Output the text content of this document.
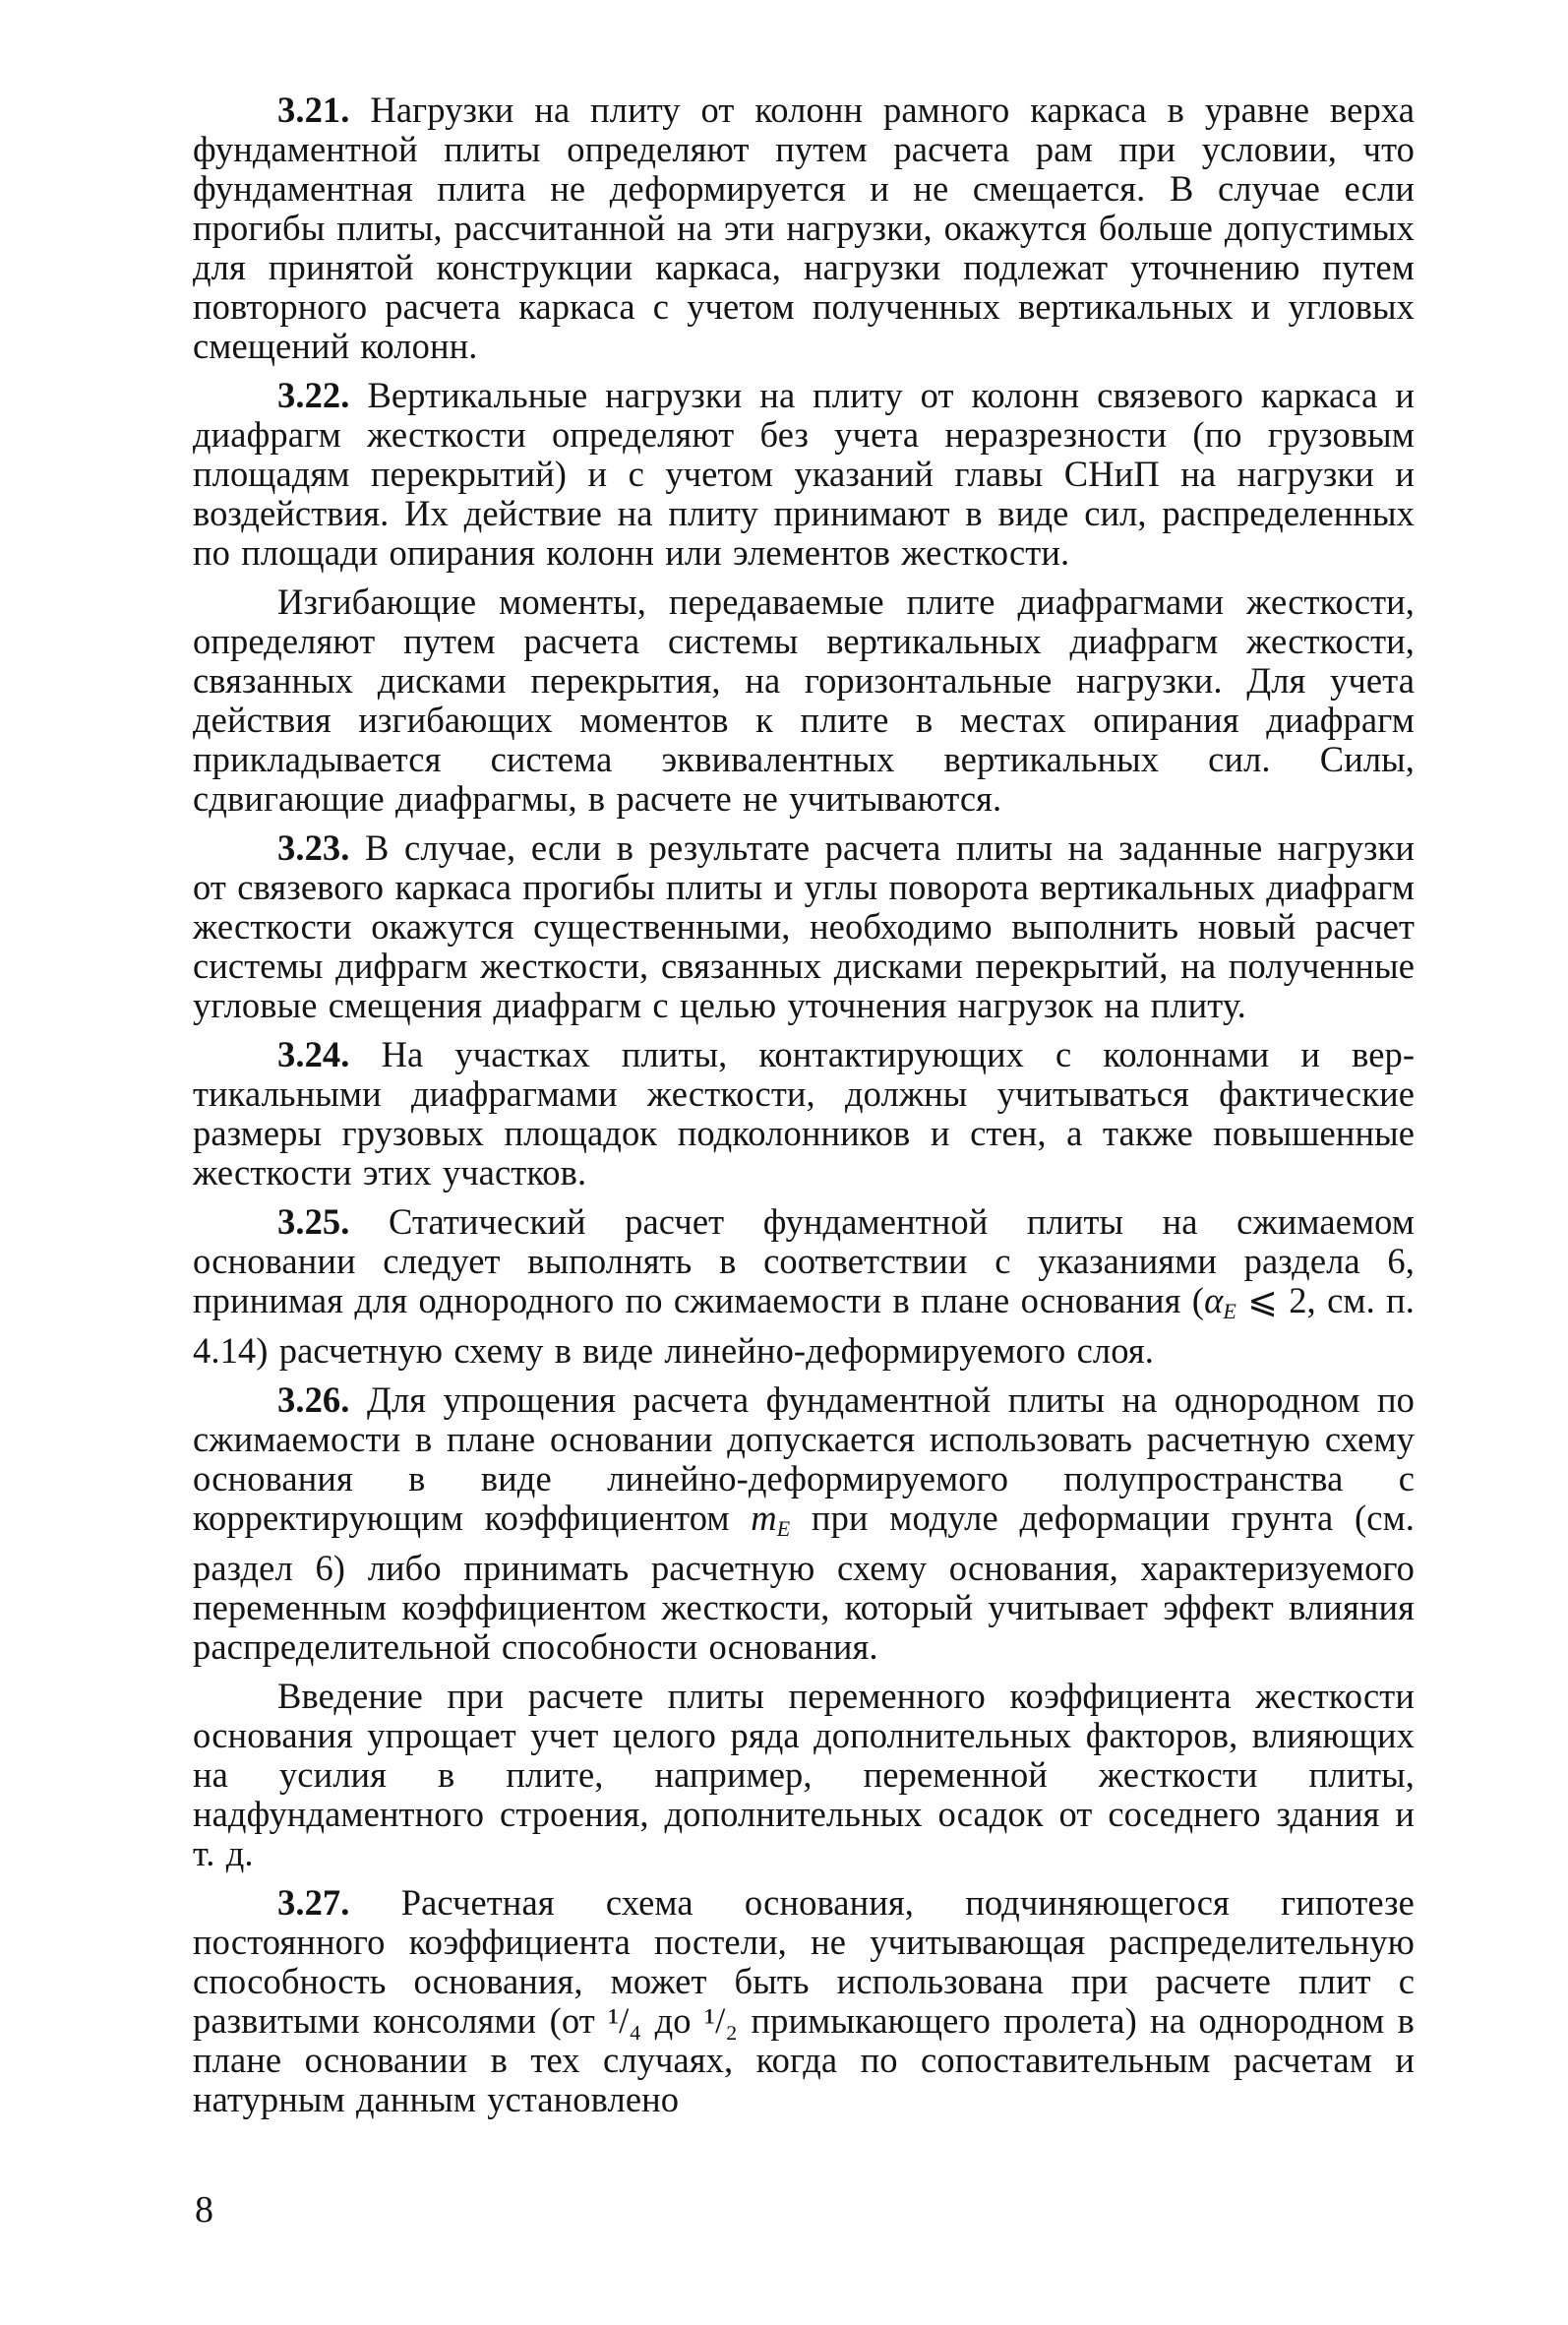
3.21. Нагрузки на плиту от колонн рамного каркаса в уравне верха фундаментной плиты определяют путем расчета рам при условии, что фундаментная плита не деформируется и не смещается. В случае если прогибы плиты, рассчитанной на эти нагрузки, окажутся больше допустимых для принятой конструкции каркаса, нагрузки подлежат уточнению путем повторного расчета каркаса с учетом полученных вертикальных и угловых смещений колонн.

3.22. Вертикальные нагрузки на плиту от колонн связевого каркаса и диафрагм жесткости определяют без учета неразрезности (по грузовым площадям перекрытий) и с учетом указаний главы СНиП на нагрузки и воздействия. Их действие на плиту принимают в виде сил, распределенных по площади опирания колонн или элементов жесткости.

Изгибающие моменты, передаваемые плите диафрагмами жесткости, определяют путем расчета системы вертикальных диафрагм жесткости, связанных дисками перекрытия, на горизонтальные нагрузки. Для учета действия изгибающих моментов к плите в местах опирания диафрагм прикладывается система эквивалентных вертикальных сил. Силы, сдвигающие диафрагмы, в расчете не учитываются.

3.23. В случае, если в результате расчета плиты на заданные нагрузки от связевого каркаса прогибы плиты и углы поворота вертикальных диафрагм жесткости окажутся существенными, необходимо выполнить новый расчет системы дифрагм жесткости, связанных дисками перекрытий, на полученные угловые смещения диафрагм с целью уточнения нагрузок на плиту.

3.24. На участках плиты, контактирующих с колоннами и вертикальными диафрагмами жесткости, должны учитываться фактические размеры грузовых площадок подколонников и стен, а также повышенные жесткости этих участков.

3.25. Статический расчет фундаментной плиты на сжимаемом основании следует выполнять в соответствии с указаниями раздела 6, принимая для однородного по сжимаемости в плане основания ($\alpha_E$ ⩽ 2, см. п. 4.14) расчетную схему в виде линейно-деформируемого слоя.

3.26. Для упрощения расчета фундаментной плиты на однородном по сжимаемости в плане основании допускается использовать расчетную схему основания в виде линейно-деформируемого полупространства с корректирующим коэффициентом $m_E$ при модуле деформации грунта (см. раздел 6) либо принимать расчетную схему основания, характеризуемого переменным коэффициентом жесткости, который учитывает эффект влияния распределительной способности основания.

Введение при расчете плиты переменного коэффициента жесткости основания упрощает учет целого ряда дополнительных факторов, влияющих на усилия в плите, например, переменной жесткости плиты, надфундаментного строения, дополнительных осадок от соседнего здания и т. д.

3.27. Расчетная схема основания, подчиняющегося гипотезе постоянного коэффициента постели, не учитывающая распределительную способность основания, может быть использована при расчете плит с развитыми консолями (от ¹/₄ до ¹/₂ примыкающего пролета) на однородном в плане основании в тех случаях, когда по сопоставительным расчетам и натурным данным установлено

8
